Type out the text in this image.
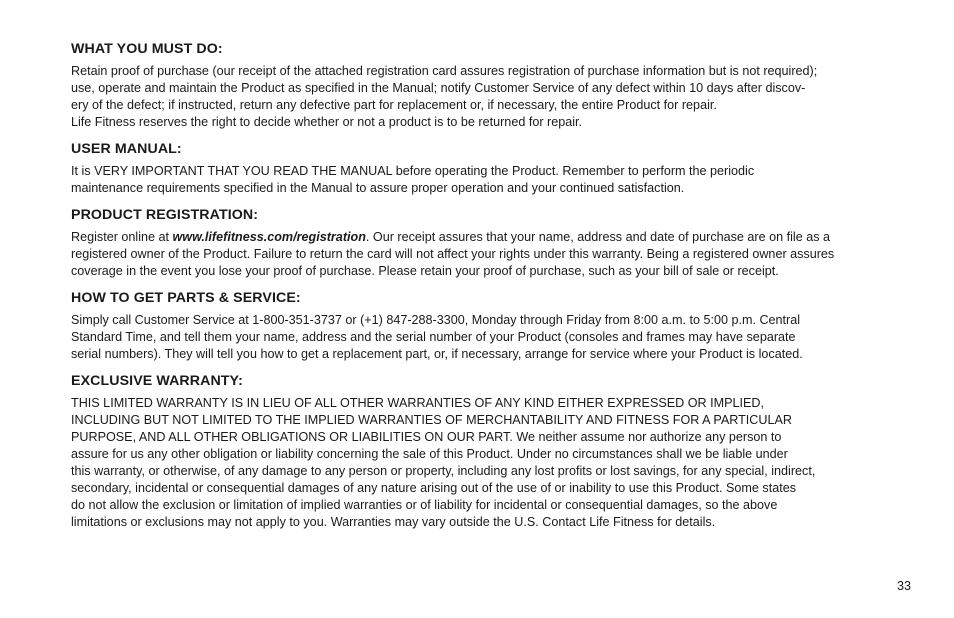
WHAT YOU MUST DO:
Retain proof of purchase (our receipt of the attached registration card assures registration of purchase information but is not required);
use, operate and maintain the Product as specified in the Manual; notify Customer Service of any defect within 10 days after discov-
ery of the defect; if instructed, return any defective part for replacement or, if necessary, the entire Product for repair.
Life Fitness reserves the right to decide whether or not a product is to be returned for repair.
USER MANUAL:
It is VERY IMPORTANT THAT YOU READ THE MANUAL before operating the Product. Remember to perform the periodic
maintenance requirements specified in the Manual to assure proper operation and your continued satisfaction.
PRODUCT REGISTRATION:
Register online at www.lifefitness.com/registration. Our receipt assures that your name, address and date of purchase are on file as a
registered owner of the Product. Failure to return the card will not affect your rights under this warranty. Being a registered owner assures
coverage in the event you lose your proof of purchase. Please retain your proof of purchase, such as your bill of sale or receipt.
HOW TO GET PARTS & SERVICE:
Simply call Customer Service at 1-800-351-3737 or (+1) 847-288-3300, Monday through Friday from 8:00 a.m. to 5:00 p.m. Central
Standard Time, and tell them your name, address and the serial number of your Product (consoles and frames may have separate
serial numbers). They will tell you how to get a replacement part, or, if necessary, arrange for service where your Product is located.
EXCLUSIVE WARRANTY:
THIS LIMITED WARRANTY IS IN LIEU OF ALL OTHER WARRANTIES OF ANY KIND EITHER EXPRESSED OR IMPLIED,
INCLUDING BUT NOT LIMITED TO THE IMPLIED WARRANTIES OF MERCHANTABILITY AND FITNESS FOR A PARTICULAR
PURPOSE, AND ALL OTHER OBLIGATIONS OR LIABILITIES ON OUR PART. We neither assume nor authorize any person to
assure for us any other obligation or liability concerning the sale of this Product. Under no circumstances shall we be liable under
this warranty, or otherwise, of any damage to any person or property, including any lost profits or lost savings, for any special, indirect,
secondary, incidental or consequential damages of any nature arising out of the use of or inability to use this Product. Some states
do not allow the exclusion or limitation of implied warranties or of liability for incidental or consequential damages, so the above
limitations or exclusions may not apply to you. Warranties may vary outside the U.S. Contact Life Fitness for details.
33
